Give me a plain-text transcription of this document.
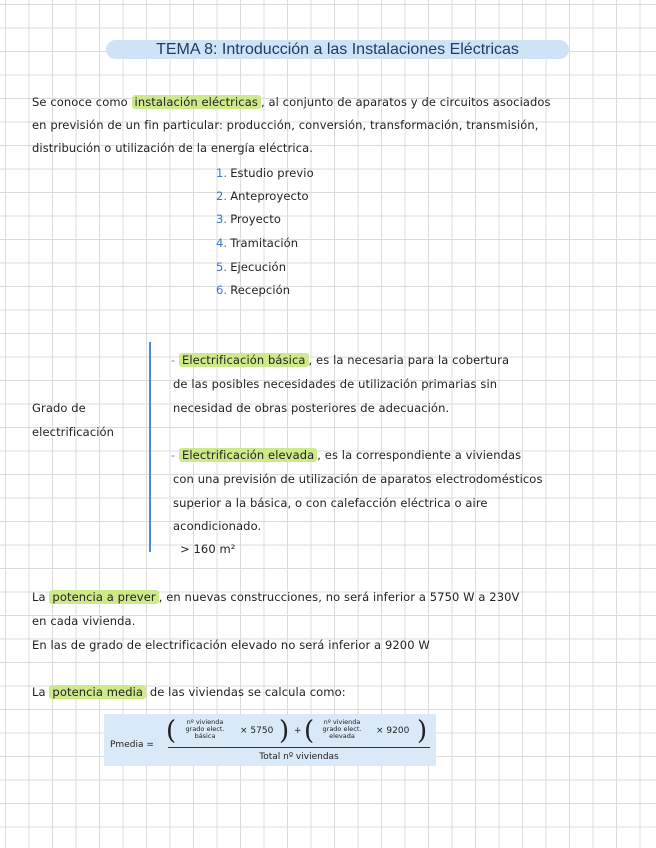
TEMA 8: Introducción a las Instalaciones Eléctricas
Se conoce como instalación eléctricas , al conjunto de aparatos y de circuitos asociados
en previsión de un fin particular: producción, conversión, transformación, transmisión,
distribución o utilización de la energía eléctrica.
1. Estudio previo
2. Anteproyecto
3. Proyecto
4. Tramitación
5. Ejecución
6. Recepción
Grado de
electrificación
- Electrificación básica , es la necesaria para la cobertura
de las posibles necesidades de utilización primarias sin
necesidad de obras posteriores de adecuación.
- Electrificación elevada , es la correspondiente a viviendas
con una previsión de utilización de aparatos electrodomésticos
superior a la básica, o con calefacción eléctrica o aire
acondicionado.
> 160 m²
La potencia a prever , en nuevas construcciones, no será inferior a 5750 W a 230V
en cada vivienda.
En las de grado de electrificación elevado no será inferior a 9200 W
La potencia media de las viviendas se calcula como:
Pmedia = (	nº vivienda
grado elect.
básica	× 5750 ) + (	nº vivienda
grado elect.
elevada	× 9200 )
Total nº viviendas
